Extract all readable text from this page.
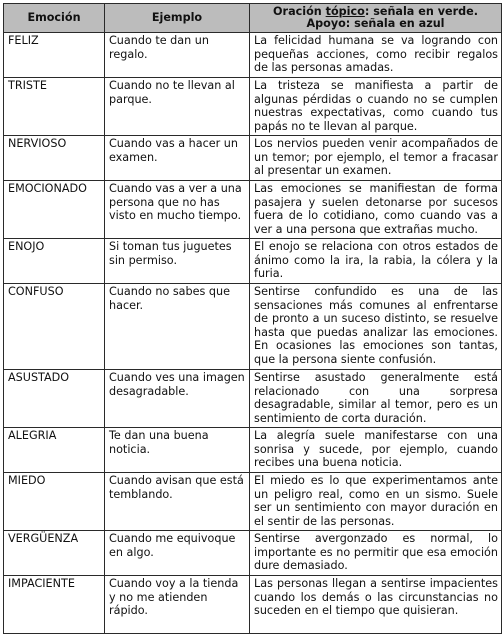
Emoción	Ejemplo	Oración tópico: señala en verde. Apoyo: señala en azul
FELIZ	Cuando te dan un regalo.	La felicidad humana se va logrando con pequeñas acciones, como recibir regalos de las personas amadas.
TRISTE	Cuando no te llevan al parque.	La tristeza se manifiesta a partir de algunas pérdidas o cuando no se cumplen nuestras expectativas, como cuando tus papás no te llevan al parque.
NERVIOSO	Cuando vas a hacer un examen.	Los nervios pueden venir acompañados de un temor; por ejemplo, el temor a fracasar al presentar un examen.
EMOCIONADO	Cuando vas a ver a una persona que no has visto en mucho tiempo.	Las emociones se manifiestan de forma pasajera y suelen detonarse por sucesos fuera de lo cotidiano, como cuando vas a ver a una persona que extrañas mucho.
ENOJO	Si toman tus juguetes sin permiso.	El enojo se relaciona con otros estados de ánimo como la ira, la rabia, la cólera y la furia.
CONFUSO	Cuando no sabes que hacer.	Sentirse confundido es una de las sensaciones más comunes al enfrentarse de pronto a un suceso distinto, se resuelve hasta que puedas analizar las emociones. En ocasiones las emociones son tantas, que la persona siente confusión.
ASUSTADO	Cuando ves una imagen desagradable.	Sentirse asustado generalmente está relacionado con una sorpresa desagradable, similar al temor, pero es un sentimiento de corta duración.
ALEGRIA	Te dan una buena noticia.	La alegría suele manifestarse con una sonrisa y sucede, por ejemplo, cuando recibes una buena noticia.
MIEDO	Cuando avisan que está temblando.	El miedo es lo que experimentamos ante un peligro real, como en un sismo. Suele ser un sentimiento con mayor duración en el sentir de las personas.
VERGÜENZA	Cuando me equivoque en algo.	Sentirse avergonzado es normal, lo importante es no permitir que esa emoción dure demasiado.
IMPACIENTE	Cuando voy a la tienda y no me atienden rápido.	Las personas llegan a sentirse impacientes cuando los demás o las circunstancias no suceden en el tiempo que quisieran.
